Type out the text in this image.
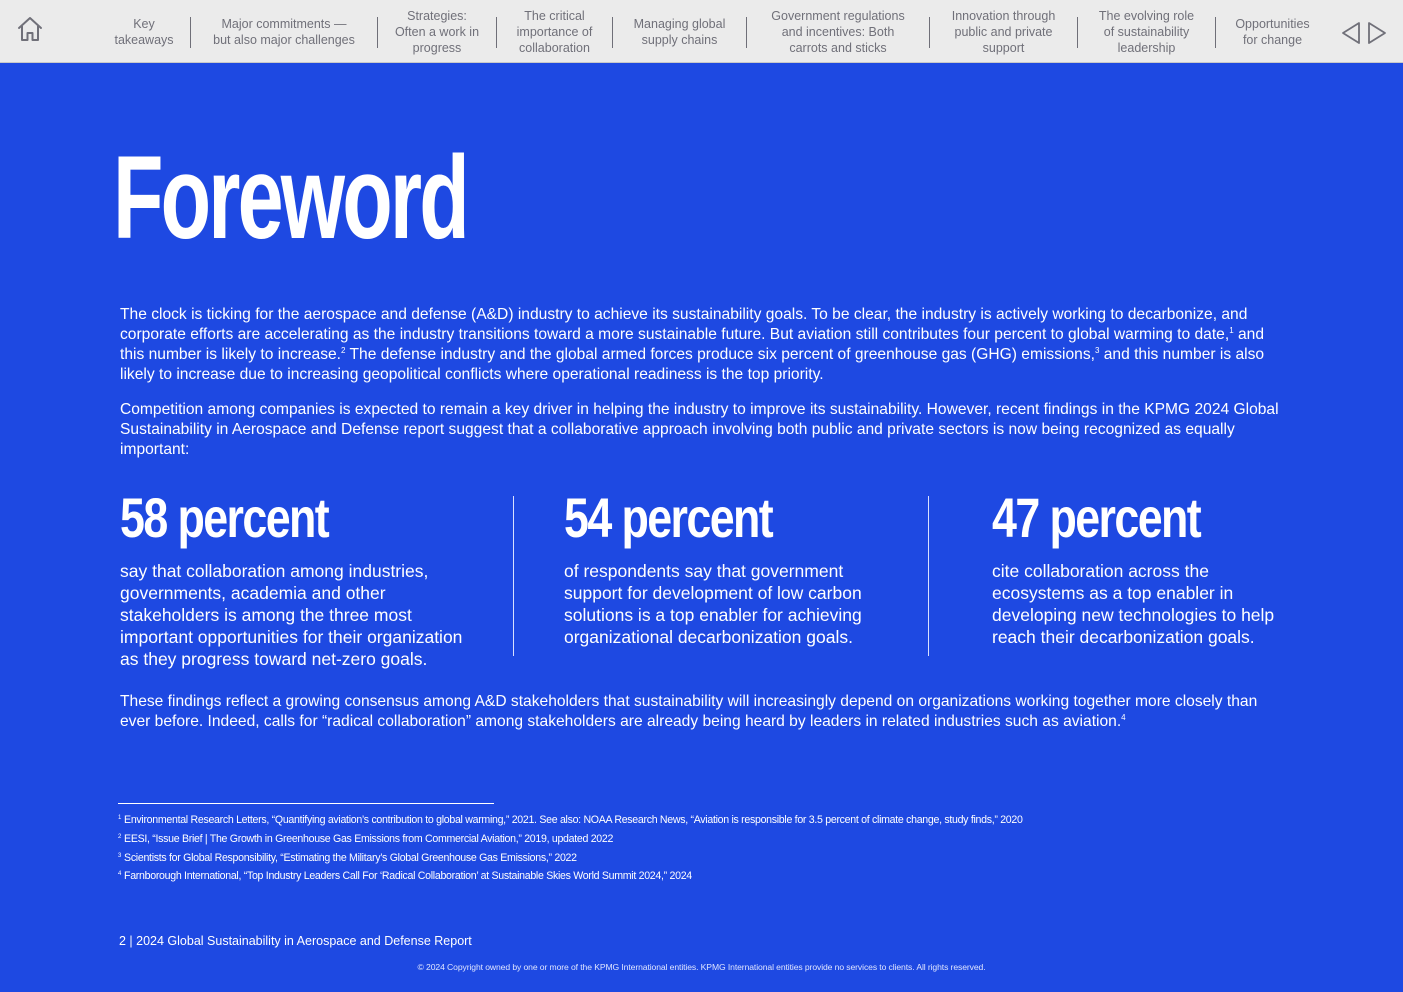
Key
takeaways
Major commitments —
but also major challenges
Strategies:
Often a work in
progress
The critical
importance of
collaboration
Managing global
supply chains
Government regulations
and incentives: Both
carrots and sticks
Innovation through
public and private
support
The evolving role
of sustainability
leadership
Opportunities
for change
Foreword

The clock is ticking for the aerospace and defense (A&D) industry to achieve its sustainability goals. To be clear, the industry is actively working to decarbonize, and corporate efforts are accelerating as the industry transitions toward a more sustainable future. But aviation still contributes four percent to global warming to date,$^1$ and this number is likely to increase.$^2$ The defense industry and the global armed forces produce six percent of greenhouse gas (GHG) emissions,$^3$ and this number is also likely to increase due to increasing geopolitical conflicts where operational readiness is the top priority.

Competition among companies is expected to remain a key driver in helping the industry to improve its sustainability. However, recent findings in the KPMG 2024 Global Sustainability in Aerospace and Defense report suggest that a collaborative approach involving both public and private sectors is now being recognized as equally important:

58 percent

say that collaboration among industries, governments, academia and other stakeholders is among the three most important opportunities for their organization as they progress toward net-zero goals.

54 percent

of respondents say that government support for development of low carbon solutions is a top enabler for achieving organizational decarbonization goals.

47 percent

cite collaboration across the ecosystems as a top enabler in developing new technologies to help reach their decarbonization goals.

These findings reflect a growing consensus among A&D stakeholders that sustainability will increasingly depend on organizations working together more closely than ever before. Indeed, calls for “radical collaboration” among stakeholders are already being heard by leaders in related industries such as aviation.$^4$

$^1$ Environmental Research Letters, “Quantifying aviation’s contribution to global warming,” 2021. See also: NOAA Research News, “Aviation is responsible for 3.5 percent of climate change, study finds,” 2020
$^2$ EESI, “Issue Brief | The Growth in Greenhouse Gas Emissions from Commercial Aviation,” 2019, updated 2022
$^3$ Scientists for Global Responsibility, “Estimating the Military’s Global Greenhouse Gas Emissions,” 2022
$^4$ Farnborough International, “Top Industry Leaders Call For ‘Radical Collaboration’ at Sustainable Skies World Summit 2024,” 2024
2 | 2024 Global Sustainability in Aerospace and Defense Report
© 2024 Copyright owned by one or more of the KPMG International entities. KPMG International entities provide no services to clients. All rights reserved.
